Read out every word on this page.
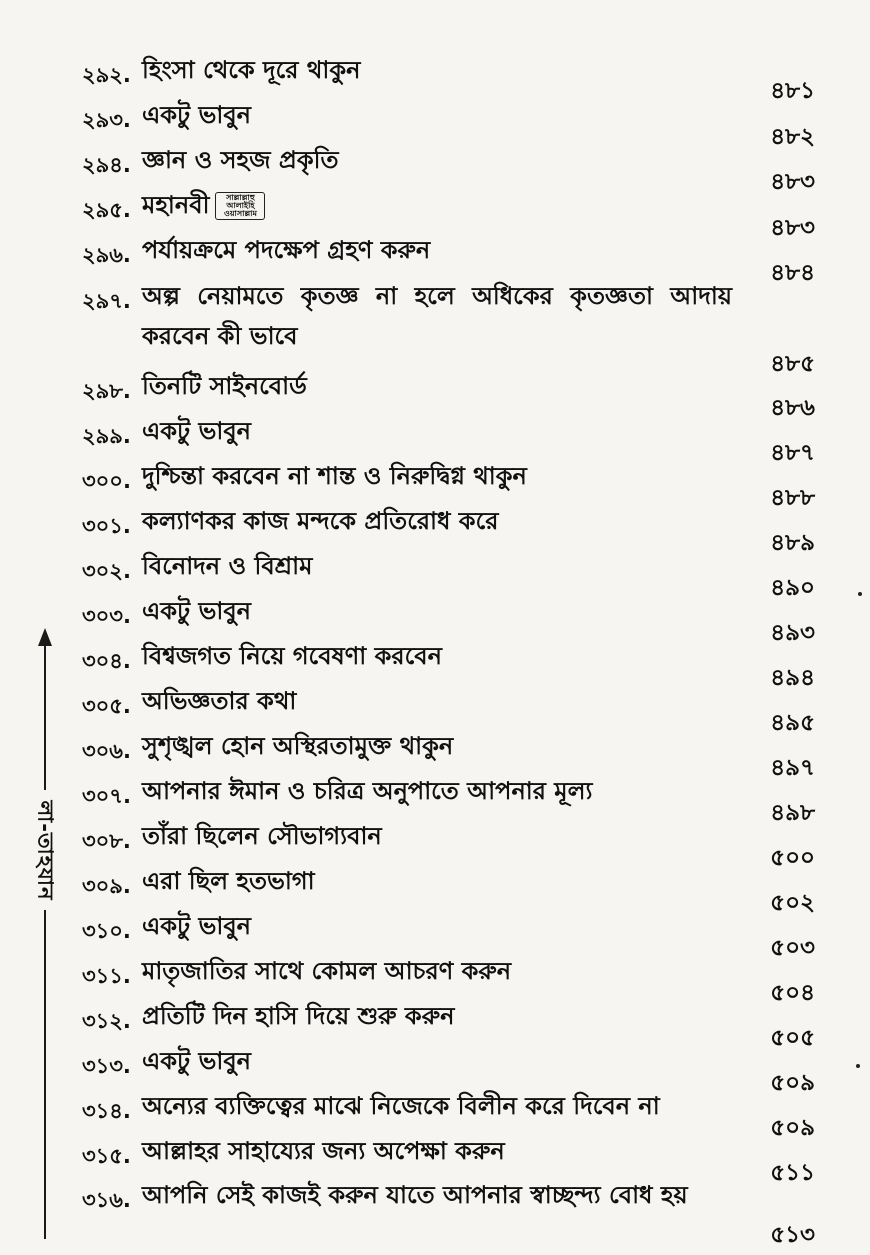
লা-তাহযান
২৯২. হিংসা থেকে দূরে থাকুন
৪৮১
২৯৩. একটু ভাবুন
৪৮২
২৯৪. জ্ঞান ও সহজ প্রকৃতি
৪৮৩
২৯৫. মহানবী সাল্লাল্লাহু আলাইহি ওয়াসাল্লাম
৪৮৩
২৯৬. পর্যায়ক্রমে পদক্ষেপ গ্রহণ করুন
৪৮৪
২৯৭. অল্প নেয়ামতে কৃতজ্ঞ না হলে অধিকের কৃতজ্ঞতা আদায় করবেন কী ভাবে
৪৮৫
২৯৮. তিনটি সাইনবোর্ড
৪৮৬
২৯৯. একটু ভাবুন
৪৮৭
৩০০. দুশ্চিন্তা করবেন না শান্ত ও নিরুদ্বিগ্ন থাকুন
৪৮৮
৩০১. কল্যাণকর কাজ মন্দকে প্রতিরোধ করে
৪৮৯
৩০২. বিনোদন ও বিশ্রাম
৪৯০
৩০৩. একটু ভাবুন
৪৯৩
৩০৪. বিশ্বজগত নিয়ে গবেষণা করবেন
৪৯৪
৩০৫. অভিজ্ঞতার কথা
৪৯৫
৩০৬. সুশৃঙ্খল হোন অস্থিরতামুক্ত থাকুন
৪৯৭
৩০৭. আপনার ঈমান ও চরিত্র অনুপাতে আপনার মূল্য
৪৯৮
৩০৮. তাঁরা ছিলেন সৌভাগ্যবান
৫০০
৩০৯. এরা ছিল হতভাগা
৫০২
৩১০. একটু ভাবুন
৫০৩
৩১১. মাতৃজাতির সাথে কোমল আচরণ করুন
৫০৪
৩১২. প্রতিটি দিন হাসি দিয়ে শুরু করুন
৫০৫
৩১৩. একটু ভাবুন
৫০৯
৩১৪. অন্যের ব্যক্তিত্বের মাঝে নিজেকে বিলীন করে দিবেন না
৫০৯
৩১৫. আল্লাহর সাহায্যের জন্য অপেক্ষা করুন
৫১১
৩১৬. আপনি সেই কাজই করুন যাতে আপনার স্বাচ্ছন্দ্য বোধ হয়
৫১৩
